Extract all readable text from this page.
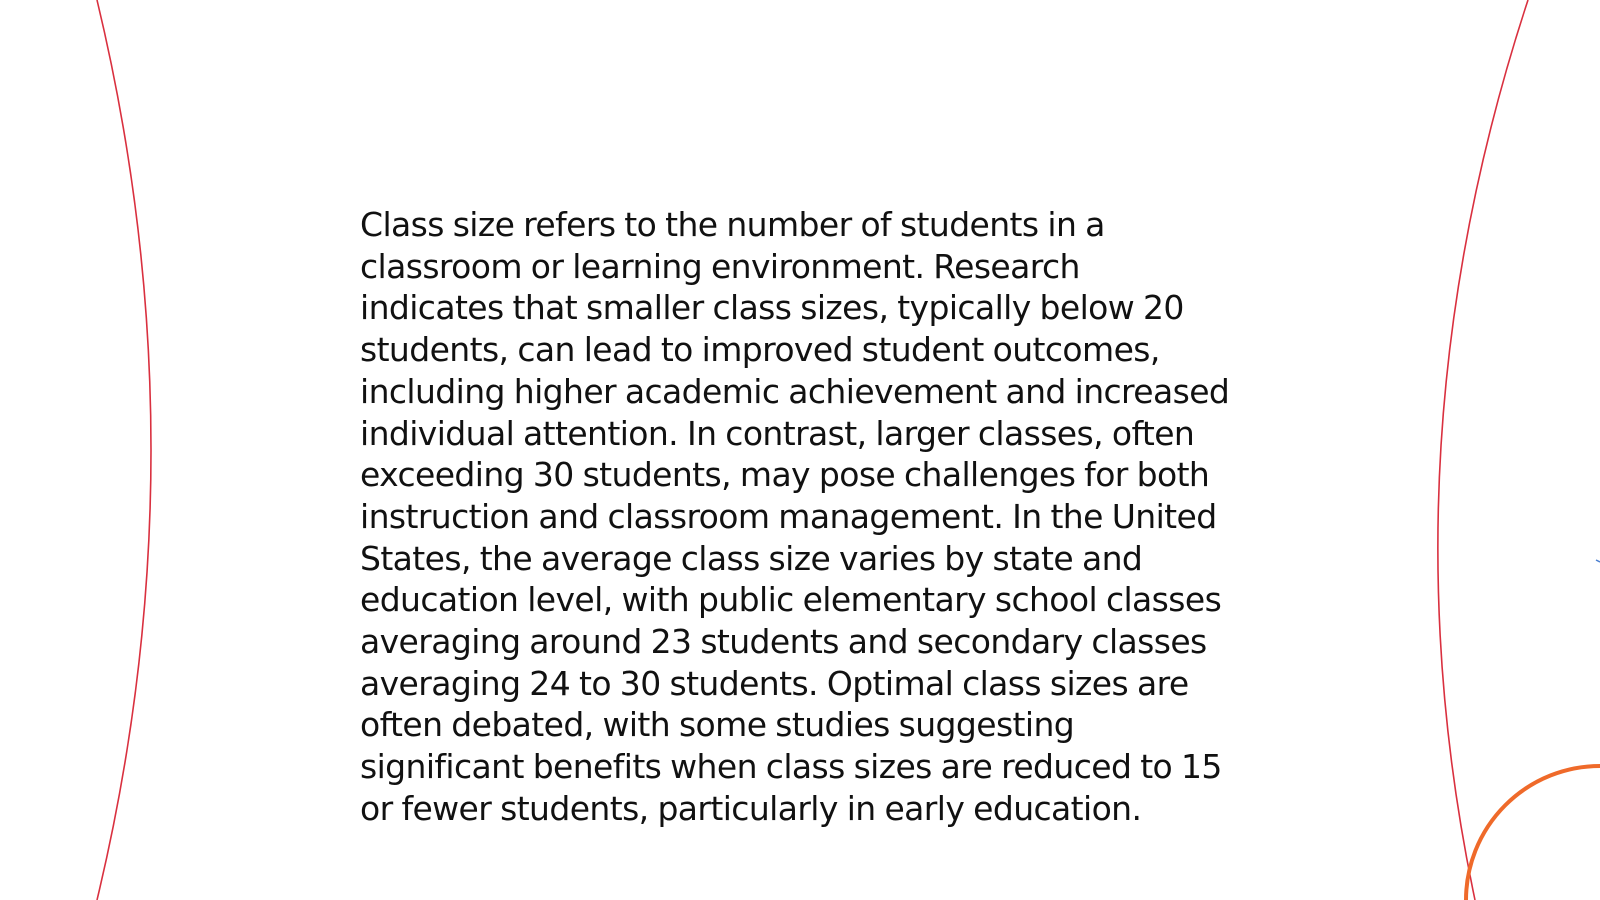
Class size refers to the number of students in a classroom or learning environment. Research indicates that smaller class sizes, typically below 20 students, can lead to improved student outcomes, including higher academic achievement and increased individual attention. In contrast, larger classes, often exceeding 30 students, may pose challenges for both instruction and classroom management. In the United States, the average class size varies by state and education level, with public elementary school classes averaging around 23 students and secondary classes averaging 24 to 30 students. Optimal class sizes are often debated, with some studies suggesting significant benefits when class sizes are reduced to 15 or fewer students, particularly in early education.
